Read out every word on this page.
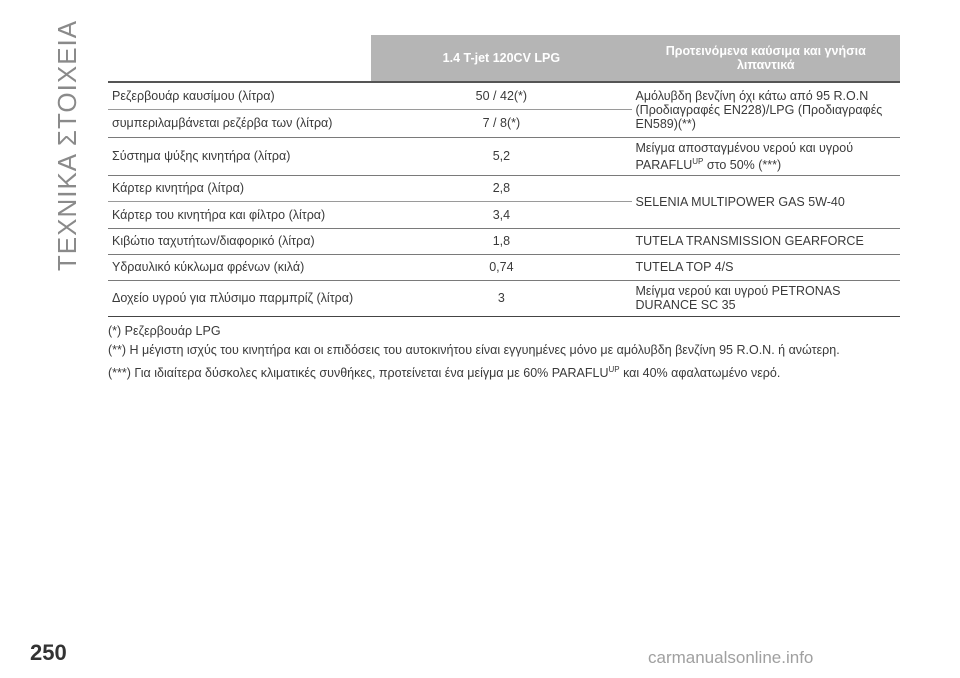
ΤΕΧΝΙΚΑ ΣΤΟΙΧΕΙΑ
		1.4 T-jet 120CV LPG	Προτεινόμενα καύσιμα και γνήσια
λιπαντικά
Ρεζερβουάρ καυσίμου (λίτρα)	50 / 42(*)	Αμόλυβδη βενζίνη όχι κάτω από 95 R.O.N
(Προδιαγραφές EN228)/LPG (Προδιαγραφές
EN589)(**)
συμπεριλαμβάνεται ρεζέρβα των (λίτρα)	7 / 8(*)	
Σύστημα ψύξης κινητήρα (λίτρα)	5,2	Μείγμα αποσταγμένου νερού και υγρού
$PARAFLU^{UP}$ στο 50% (***)
Κάρτερ κινητήρα (λίτρα)	2,8	SELENIA MULTIPOWER GAS 5W-40
Κάρτερ του κινητήρα και φίλτρο (λίτρα)	3,4	
Κιβώτιο ταχυτήτων/διαφορικό (λίτρα)	1,8	TUTELA TRANSMISSION GEARFORCE
Υδραυλικό κύκλωμα φρένων (κιλά)	0,74	TUTELA TOP 4/S
Δοχείο υγρού για πλύσιμο παρμπρίζ (λίτρα)	3	Μείγμα νερού και υγρού PETRONAS
DURANCE SC 35
(*) Ρεζερβουάρ LPG
(**) Η μέγιστη ισχύς του κινητήρα και οι επιδόσεις του αυτοκινήτου είναι εγγυημένες μόνο με αμόλυβδη βενζίνη 95 R.O.N. ή ανώτερη.
(***) Για ιδιαίτερα δύσκολες κλιματικές συνθήκες, προτείνεται ένα μείγμα με 60% $PARAFLU^{UP}$ και 40% αφαλατωμένο νερό.
250	carmanualsonline.info
